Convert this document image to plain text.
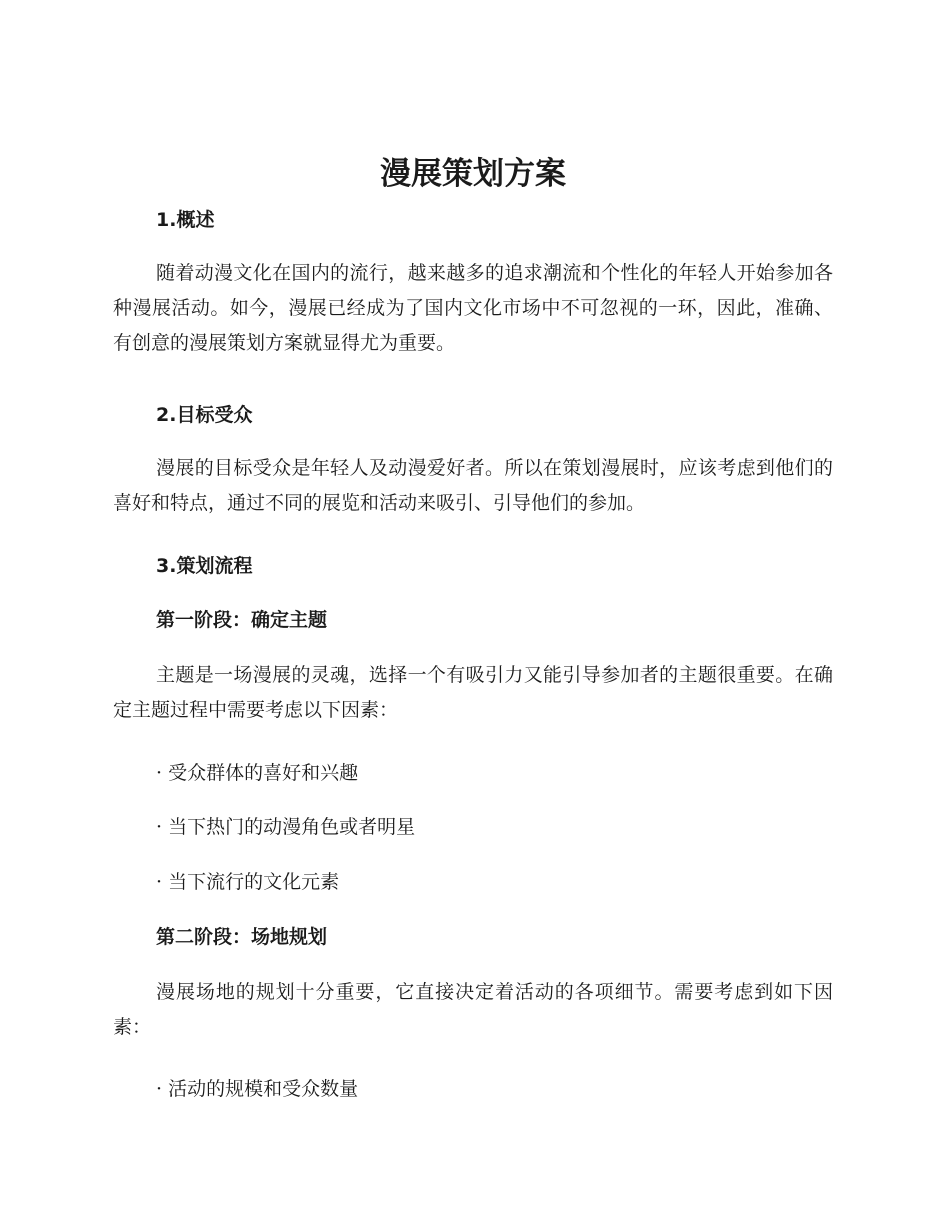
漫展策划方案
1.概述

随着动漫文化在国内的流行，越来越多的追求潮流和个性化的年轻人开始参加各种漫展活动。如今，漫展已经成为了国内文化市场中不可忽视的一环，因此，准确、有创意的漫展策划方案就显得尤为重要。

2.目标受众

漫展的目标受众是年轻人及动漫爱好者。所以在策划漫展时，应该考虑到他们的喜好和特点，通过不同的展览和活动来吸引、引导他们的参加。

3.策划流程
第一阶段：确定主题

主题是一场漫展的灵魂，选择一个有吸引力又能引导参加者的主题很重要。在确定主题过程中需要考虑以下因素：

· 受众群体的喜好和兴趣
· 当下热门的动漫角色或者明星
· 当下流行的文化元素
第二阶段：场地规划

漫展场地的规划十分重要，它直接决定着活动的各项细节。需要考虑到如下因素：

· 活动的规模和受众数量
